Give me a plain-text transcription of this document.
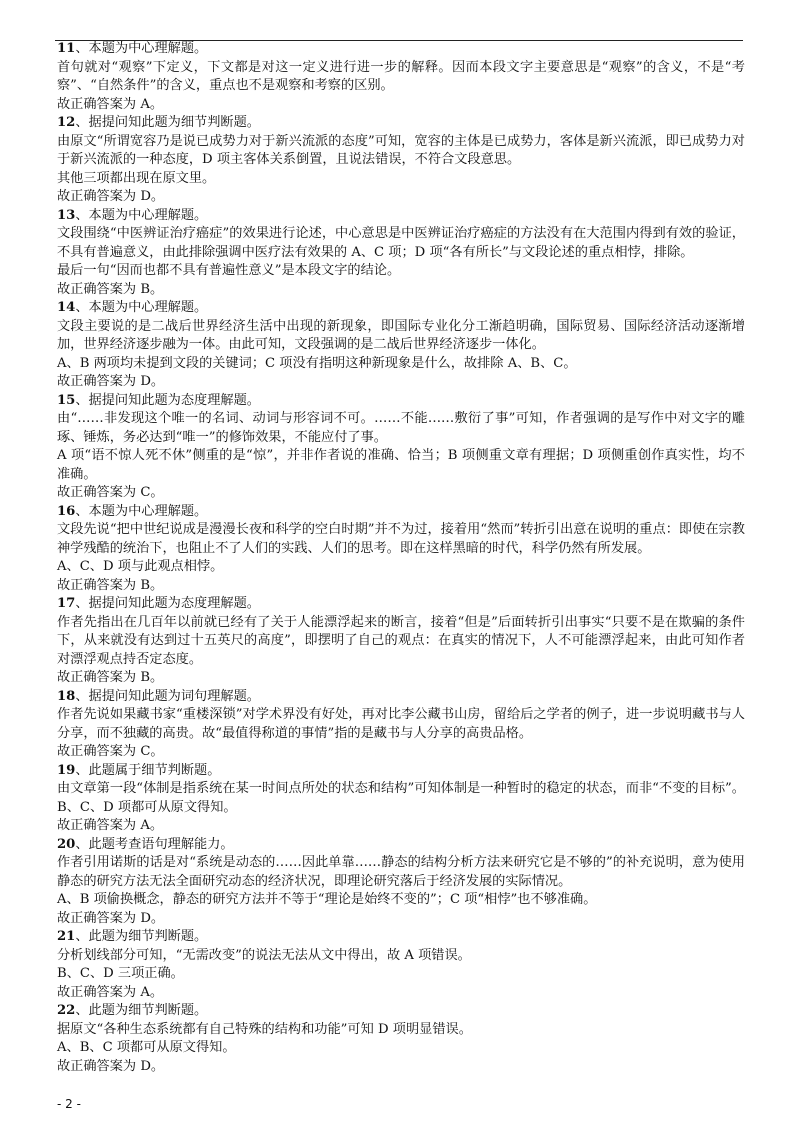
11、本题为中心理解题。

首句就对“观察”下定义，下文都是对这一定义进行进一步的解释。因而本段文字主要意思是“观察”的含义，不是“考察”、“自然条件”的含义，重点也不是观察和考察的区别。

故正确答案为 A。

12、据提问知此题为细节判断题。

由原文“所谓宽容乃是说已成势力对于新兴流派的态度”可知，宽容的主体是已成势力，客体是新兴流派，即已成势力对于新兴流派的一种态度，D 项主客体关系倒置，且说法错误，不符合文段意思。

其他三项都出现在原文里。

故正确答案为 D。

13、本题为中心理解题。

文段围绕“中医辨证治疗癌症”的效果进行论述，中心意思是中医辨证治疗癌症的方法没有在大范围内得到有效的验证，不具有普遍意义，由此排除强调中医疗法有效果的 A、C 项；D 项“各有所长”与文段论述的重点相悖，排除。

最后一句“因而也都不具有普遍性意义”是本段文字的结论。

故正确答案为 B。

14、本题为中心理解题。

文段主要说的是二战后世界经济生活中出现的新现象，即国际专业化分工渐趋明确，国际贸易、国际经济活动逐渐增加，世界经济逐步融为一体。由此可知，文段强调的是二战后世界经济逐步一体化。

A、B 两项均未提到文段的关键词；C 项没有指明这种新现象是什么，故排除 A、B、C。

故正确答案为 D。

15、据提问知此题为态度理解题。

由“……非发现这个唯一的名词、动词与形容词不可。……不能……敷衍了事”可知，作者强调的是写作中对文字的雕琢、锤炼，务必达到“唯一”的修饰效果，不能应付了事。

A 项“语不惊人死不休”侧重的是“惊”，并非作者说的准确、恰当；B 项侧重文章有理据；D 项侧重创作真实性，均不准确。

故正确答案为 C。

16、本题为中心理解题。

文段先说“把中世纪说成是漫漫长夜和科学的空白时期”并不为过，接着用“然而”转折引出意在说明的重点：即使在宗教神学残酷的统治下，也阻止不了人们的实践、人们的思考。即在这样黑暗的时代，科学仍然有所发展。

A、C、D 项与此观点相悖。

故正确答案为 B。

17、据提问知此题为态度理解题。

作者先指出在几百年以前就已经有了关于人能漂浮起来的断言，接着“但是”后面转折引出事实“只要不是在欺骗的条件下，从来就没有达到过十五英尺的高度”，即摆明了自己的观点：在真实的情况下，人不可能漂浮起来，由此可知作者对漂浮观点持否定态度。

故正确答案为 B。

18、据提问知此题为词句理解题。

作者先说如果藏书家“重楼深锁”对学术界没有好处，再对比李公藏书山房，留给后之学者的例子，进一步说明藏书与人分享，而不独藏的高贵。故“最值得称道的事情”指的是藏书与人分享的高贵品格。

故正确答案为 C。

19、此题属于细节判断题。

由文章第一段“体制是指系统在某一时间点所处的状态和结构”可知体制是一种暂时的稳定的状态，而非“不变的目标”。B、C、D 项都可从原文得知。

故正确答案为 A。

20、此题考查语句理解能力。

作者引用诺斯的话是对“系统是动态的……因此单靠……静态的结构分析方法来研究它是不够的”的补充说明，意为使用静态的研究方法无法全面研究动态的经济状况，即理论研究落后于经济发展的实际情况。

A、B 项偷换概念，静态的研究方法并不等于“理论是始终不变的”；C 项“相悖”也不够准确。

故正确答案为 D。

21、此题为细节判断题。

分析划线部分可知，“无需改变”的说法无法从文中得出，故 A 项错误。

B、C、D 三项正确。

故正确答案为 A。

22、此题为细节判断题。

据原文“各种生态系统都有自己特殊的结构和功能”可知 D 项明显错误。

A、B、C 项都可从原文得知。

故正确答案为 D。

- 2 -
